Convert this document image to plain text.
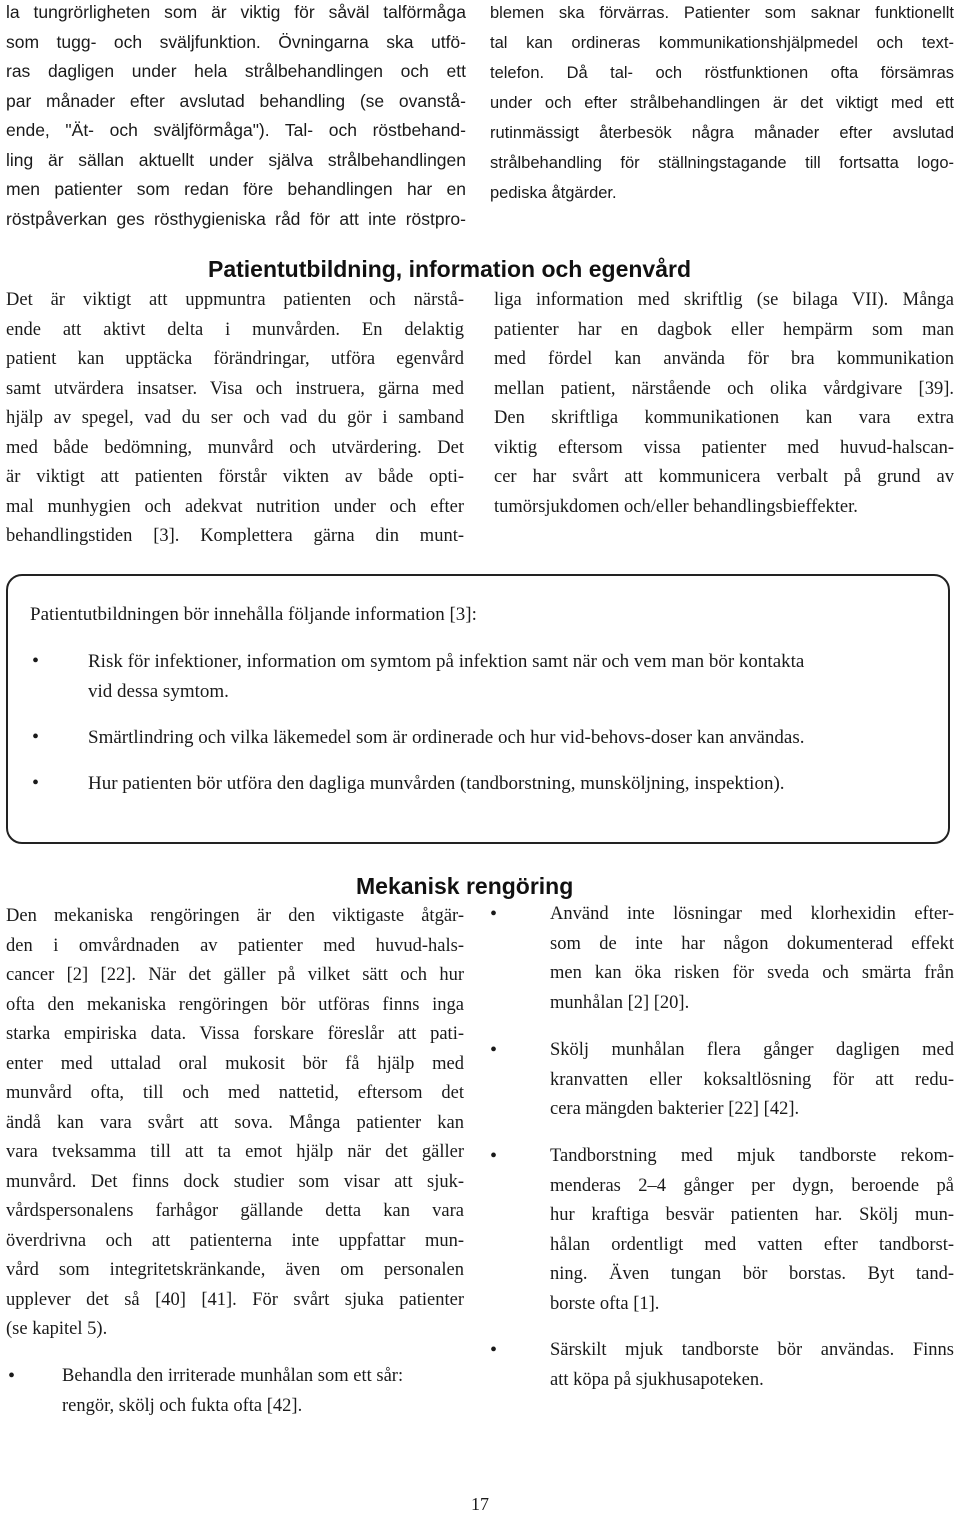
la tungrörligheten som är viktig för såväl talförmåga
som tugg- och sväljfunktion. Övningarna ska utfö-
ras dagligen under hela strålbehandlingen och ett
par månader efter avslutad behandling (se ovanstå-
ende, "Ät- och sväljförmåga"). Tal- och röstbehand-
ling är sällan aktuellt under själva strålbehandlingen
men patienter som redan före behandlingen har en
röstpåverkan ges rösthygieniska råd för att inte röstpro-
blemen ska förvärras. Patienter som saknar funktionellt
tal kan ordineras kommunikationshjälpmedel och text-
telefon. Då tal- och röstfunktionen ofta försämras
under och efter strålbehandlingen är det viktigt med ett
rutinmässigt återbesök några månader efter avslutad
strålbehandling för ställningstagande till fortsatta logo-
pediska åtgärder.
Patientutbildning, information och egenvård
Det är viktigt att uppmuntra patienten och närstå-
ende att aktivt delta i munvården. En delaktig
patient kan upptäcka förändringar, utföra egenvård
samt utvärdera insatser. Visa och instruera, gärna med
hjälp av spegel, vad du ser och vad du gör i samband
med både bedömning, munvård och utvärdering. Det
är viktigt att patienten förstår vikten av både opti-
mal munhygien och adekvat nutrition under och efter
behandlingstiden [3]. Komplettera gärna din munt-
liga information med skriftlig (se bilaga VII). Många
patienter har en dagbok eller hempärm som man
med fördel kan använda för bra kommunikation
mellan patient, närstående och olika vårdgivare [39].
Den skriftliga kommunikationen kan vara extra
viktig eftersom vissa patienter med huvud-halscan-
cer har svårt att kommunicera verbalt på grund av
tumörsjukdomen och/eller behandlingsbieffekter.
Patientutbildningen bör innehålla följande information [3]:
•	Risk för infektioner, information om symtom på infektion samt när och vem man bör kontakta
vid dessa symtom.
•	Smärtlindring och vilka läkemedel som är ordinerade och hur vid-behovs-doser kan användas.
•	Hur patienten bör utföra den dagliga munvården (tandborstning, munsköljning, inspektion).
Mekanisk rengöring
Den mekaniska rengöringen är den viktigaste åtgär-
den i omvårdnaden av patienter med huvud-hals-
cancer [2] [22]. När det gäller på vilket sätt och hur
ofta den mekaniska rengöringen bör utföras finns inga
starka empiriska data. Vissa forskare föreslår att pati-
enter med uttalad oral mukosit bör få hjälp med
munvård ofta, till och med nattetid, eftersom det
ändå kan vara svårt att sova. Många patienter kan
vara tveksamma till att ta emot hjälp när det gäller
munvård. Det finns dock studier som visar att sjuk-
vårdspersonalens farhågor gällande detta kan vara
överdrivna och att patienterna inte uppfattar mun-
vård som integritetskränkande, även om personalen
upplever det så [40] [41]. För svårt sjuka patienter
(se kapitel 5).
•	Behandla den irriterade munhålan som ett sår:
rengör, skölj och fukta ofta [42].
•	Använd inte lösningar med klorhexidin efter-
som de inte har någon dokumenterad effekt
men kan öka risken för sveda och smärta från
munhålan [2] [20].
•	Skölj munhålan flera gånger dagligen med
kranvatten eller koksaltlösning för att redu-
cera mängden bakterier [22] [42].
•	Tandborstning med mjuk tandborste rekom-
menderas 2–4 gånger per dygn, beroende på
hur kraftiga besvär patienten har. Skölj mun-
hålan ordentligt med vatten efter tandborst-
ning. Även tungan bör borstas. Byt tand-
borste ofta [1].
•	Särskilt mjuk tandborste bör användas. Finns
att köpa på sjukhusapoteken.
17
